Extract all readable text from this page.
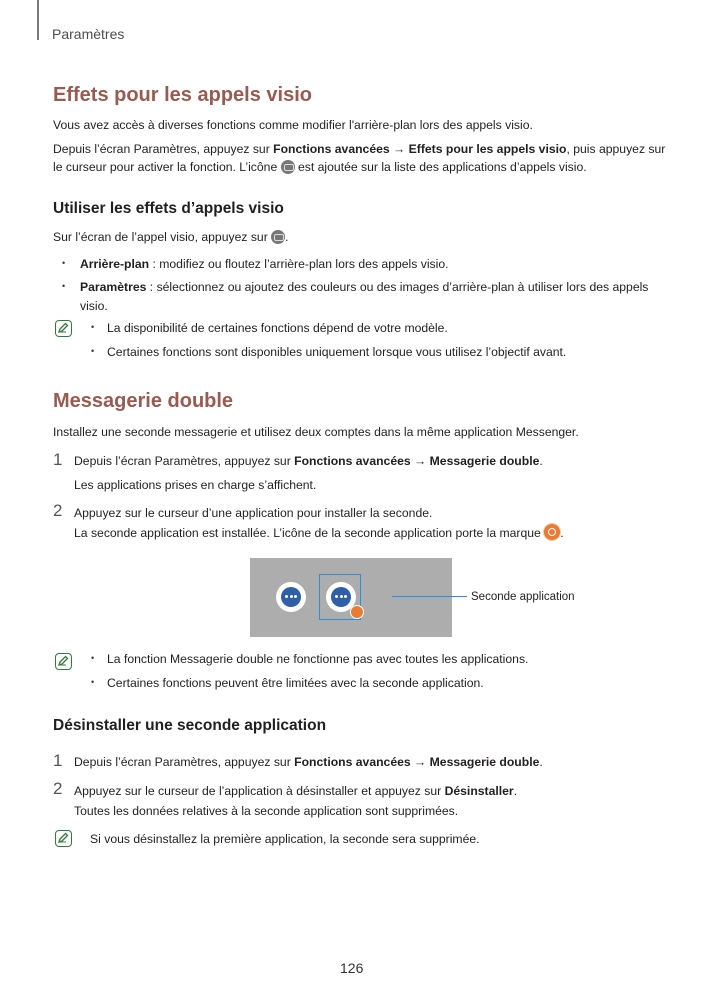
Paramètres
Effets pour les appels visio
Vous avez accès à diverses fonctions comme modifier l'arrière-plan lors des appels visio.
Depuis l’écran Paramètres, appuyez sur Fonctions avancées → Effets pour les appels visio, puis appuyez sur
le curseur pour activer la fonction. L’icône  est ajoutée sur la liste des applications d’appels visio.
Utiliser les effets d’appels visio
Sur l’écran de l’appel visio, appuyez sur .
• Arrière-plan : modifiez ou floutez l’arrière-plan lors des appels visio.
• Paramètres : sélectionnez ou ajoutez des couleurs ou des images d’arrière-plan à utiliser lors des appels
visio.
• La disponibilité de certaines fonctions dépend de votre modèle.
• Certaines fonctions sont disponibles uniquement lorsque vous utilisez l’objectif avant.
Messagerie double
Installez une seconde messagerie et utilisez deux comptes dans la même application Messenger.
1 Depuis l’écran Paramètres, appuyez sur Fonctions avancées → Messagerie double.
Les applications prises en charge s’affichent.
2 Appuyez sur le curseur d’une application pour installer la seconde.
La seconde application est installée. L’icône de la seconde application porte la marque .
Seconde application
• La fonction Messagerie double ne fonctionne pas avec toutes les applications.
• Certaines fonctions peuvent être limitées avec la seconde application.
Désinstaller une seconde application
1 Depuis l’écran Paramètres, appuyez sur Fonctions avancées → Messagerie double.
2 Appuyez sur le curseur de l’application à désinstaller et appuyez sur Désinstaller.
Toutes les données relatives à la seconde application sont supprimées.
Si vous désinstallez la première application, la seconde sera supprimée.
126
